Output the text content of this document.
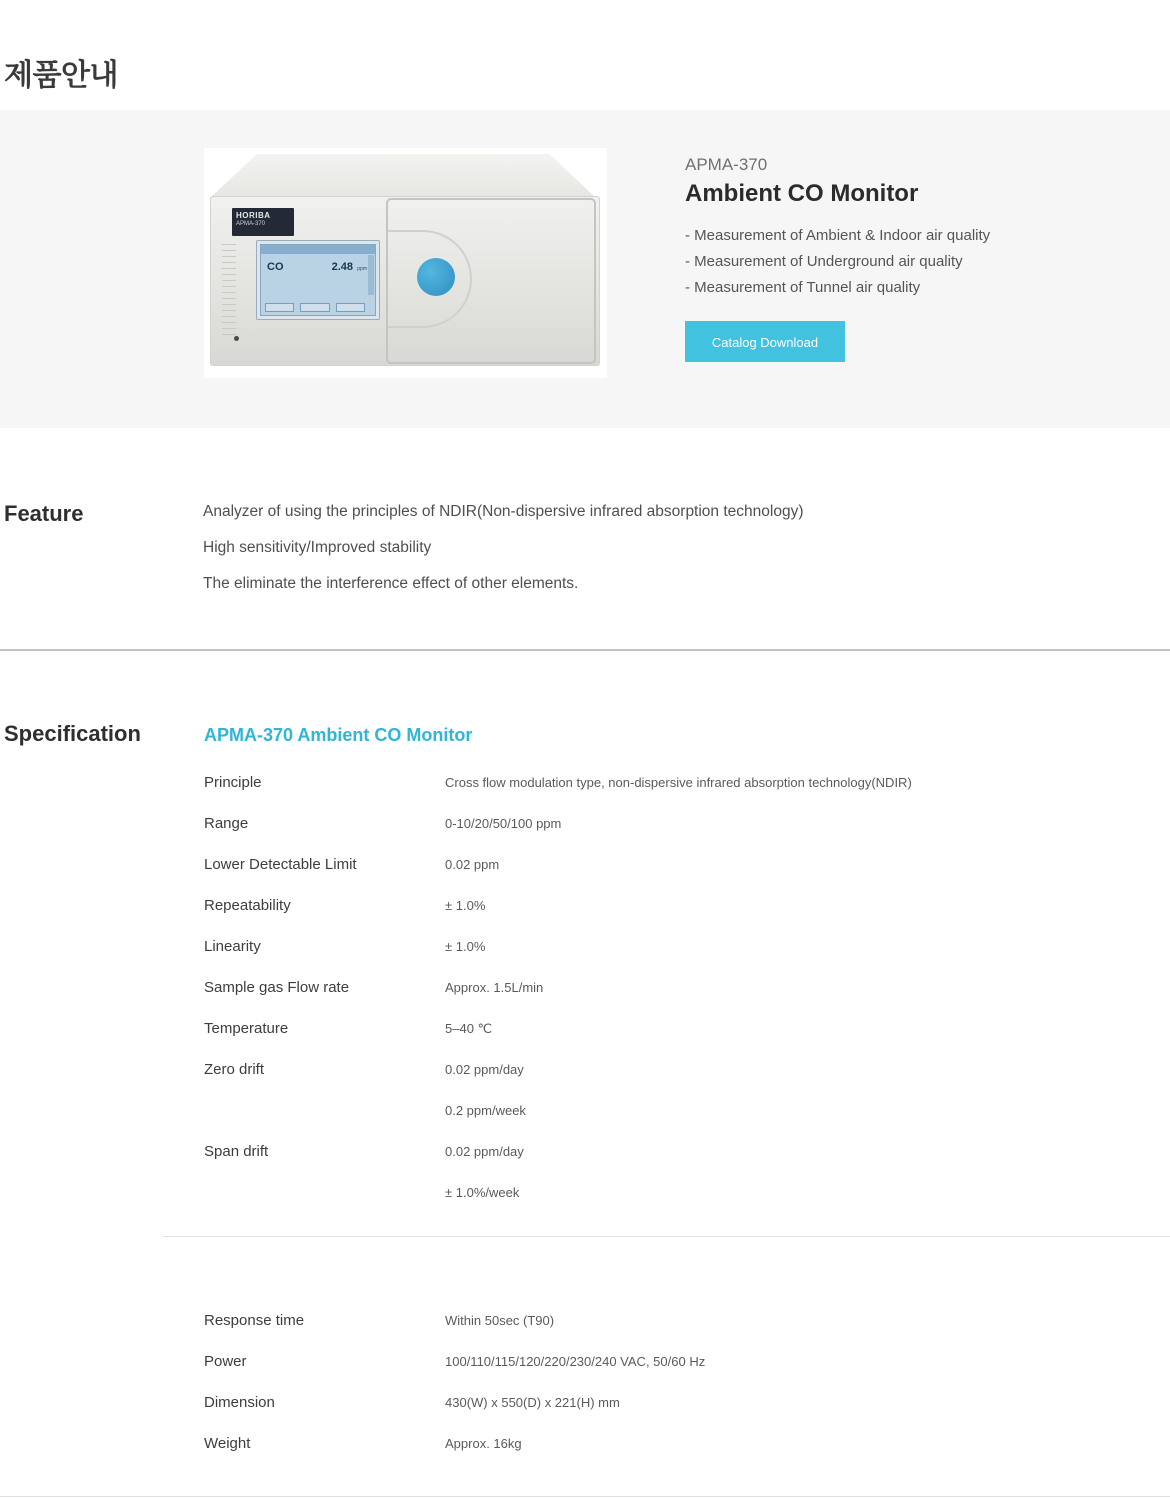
제품안내
HORIBA
APMA-370
CO	2.48 ppm
APMA-370
Ambient CO Monitor
- Measurement of Ambient & Indoor air quality
- Measurement of Underground air quality
- Measurement of Tunnel air quality
Catalog Download
Feature	Analyzer of using the principles of NDIR(Non-dispersive infrared absorption technology)
High sensitivity/Improved stability
The eliminate the interference effect of other elements.
Specification	APMA-370 Ambient CO Monitor
Principle	Cross flow modulation type, non-dispersive infrared absorption technology(NDIR)
Range	0-10/20/50/100 ppm
Lower Detectable Limit	0.02 ppm
Repeatability	± 1.0%
Linearity	± 1.0%
Sample gas Flow rate	Approx. 1.5L/min
Temperature	5–40 ℃
Zero drift	0.02 ppm/day
0.2 ppm/week
Span drift	0.02 ppm/day
± 1.0%/week
Response time	Within 50sec (T90)
Power	100/110/115/120/220/230/240 VAC, 50/60 Hz
Dimension	430(W) x 550(D) x 221(H) mm
Weight	Approx. 16kg
